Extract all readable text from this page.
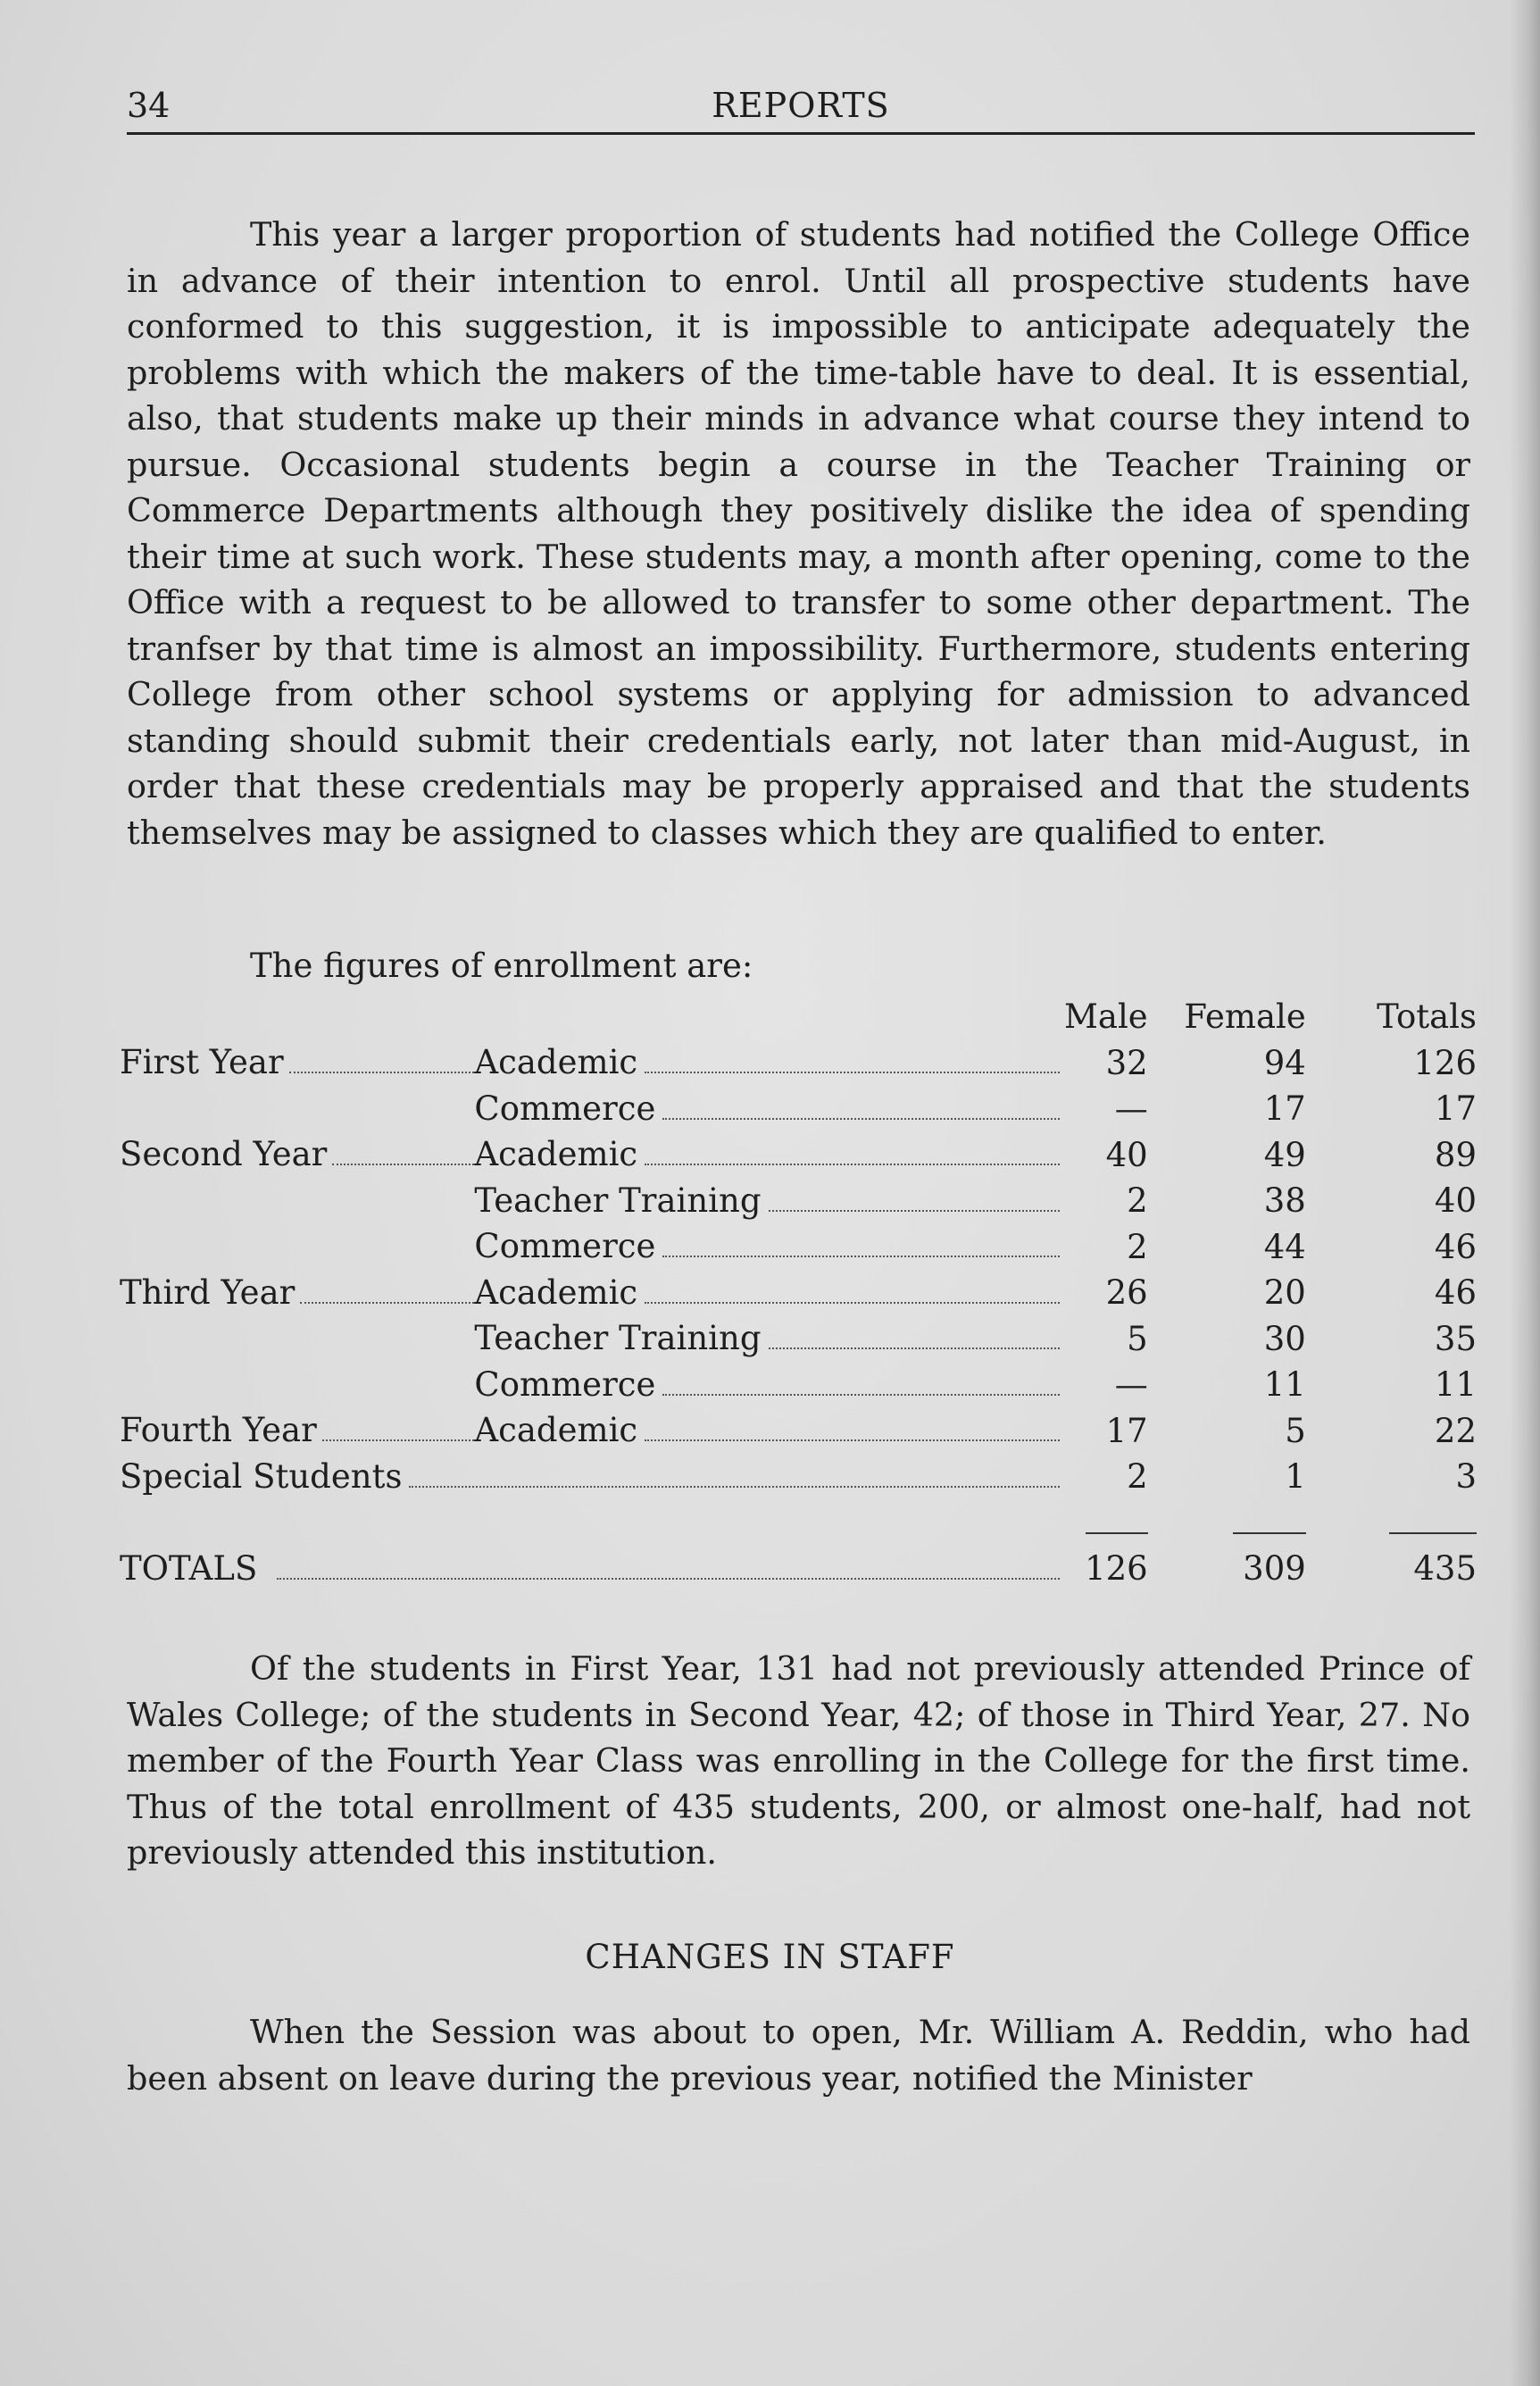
34	REPORTS

This year a larger proportion of students had notified the College Office in advance of their intention to enrol. Until all prospective students have conformed to this suggestion, it is impossible to anticipate adequately the problems with which the makers of the time-table have to deal. It is essential, also, that students make up their minds in advance what course they intend to pursue. Occasional students begin a course in the Teacher Training or Commerce Departments although they positively dislike the idea of spending their time at such work. These students may, a month after opening, come to the Office with a request to be allowed to transfer to some other department. The tranfser by that time is almost an impossibility. Furthermore, students entering College from other school systems or applying for admission to advanced standing should submit their credentials early, not later than mid-August, in order that these credentials may be properly appraised and that the students themselves may be assigned to classes which they are qualified to enter.

The figures of enrollment are:

		Male	Female	Totals

First Year	Academic	32	94	126

	Commerce	—	17	17

Second Year	Academic	40	49	89

	Teacher Training	2	38	40

	Commerce	2	44	46

Third Year	Academic	26	20	46

	Teacher Training	5	30	35

	Commerce	—	11	11

Fourth Year	Academic	17	5	22

Special Students		2	1	3

TOTALS		126	309	435

Of the students in First Year, 131 had not previously attended Prince of Wales College; of the students in Second Year, 42; of those in Third Year, 27. No member of the Fourth Year Class was enrolling in the College for the first time. Thus of the total enrollment of 435 students, 200, or almost one-half, had not previously attended this institution.

CHANGES IN STAFF

When the Session was about to open, Mr. William A. Reddin, who had been absent on leave during the previous year, notified the Minister
